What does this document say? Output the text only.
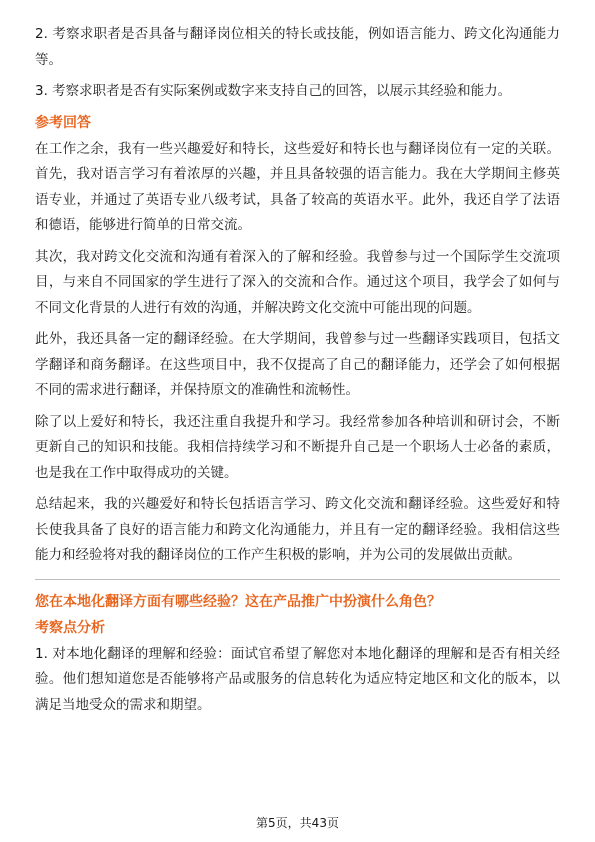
2. 考察求职者是否具备与翻译岗位相关的特长或技能，例如语言能力、跨文化沟通能力等。

3. 考察求职者是否有实际案例或数字来支持自己的回答，以展示其经验和能力。

参考回答

在工作之余，我有一些兴趣爱好和特长，这些爱好和特长也与翻译岗位有一定的关联。首先，我对语言学习有着浓厚的兴趣，并且具备较强的语言能力。我在大学期间主修英语专业，并通过了英语专业八级考试，具备了较高的英语水平。此外，我还自学了法语和德语，能够进行简单的日常交流。

其次，我对跨文化交流和沟通有着深入的了解和经验。我曾参与过一个国际学生交流项目，与来自不同国家的学生进行了深入的交流和合作。通过这个项目，我学会了如何与不同文化背景的人进行有效的沟通，并解决跨文化交流中可能出现的问题。

此外，我还具备一定的翻译经验。在大学期间，我曾参与过一些翻译实践项目，包括文学翻译和商务翻译。在这些项目中，我不仅提高了自己的翻译能力，还学会了如何根据不同的需求进行翻译，并保持原文的准确性和流畅性。

除了以上爱好和特长，我还注重自我提升和学习。我经常参加各种培训和研讨会，不断更新自己的知识和技能。我相信持续学习和不断提升自己是一个职场人士必备的素质，也是我在工作中取得成功的关键。

总结起来，我的兴趣爱好和特长包括语言学习、跨文化交流和翻译经验。这些爱好和特长使我具备了良好的语言能力和跨文化沟通能力，并且有一定的翻译经验。我相信这些能力和经验将对我的翻译岗位的工作产生积极的影响，并为公司的发展做出贡献。

您在本地化翻译方面有哪些经验？这在产品推广中扮演什么角色？
考察点分析

1. 对本地化翻译的理解和经验：面试官希望了解您对本地化翻译的理解和是否有相关经验。他们想知道您是否能够将产品或服务的信息转化为适应特定地区和文化的版本，以满足当地受众的需求和期望。

第5页，共43页
